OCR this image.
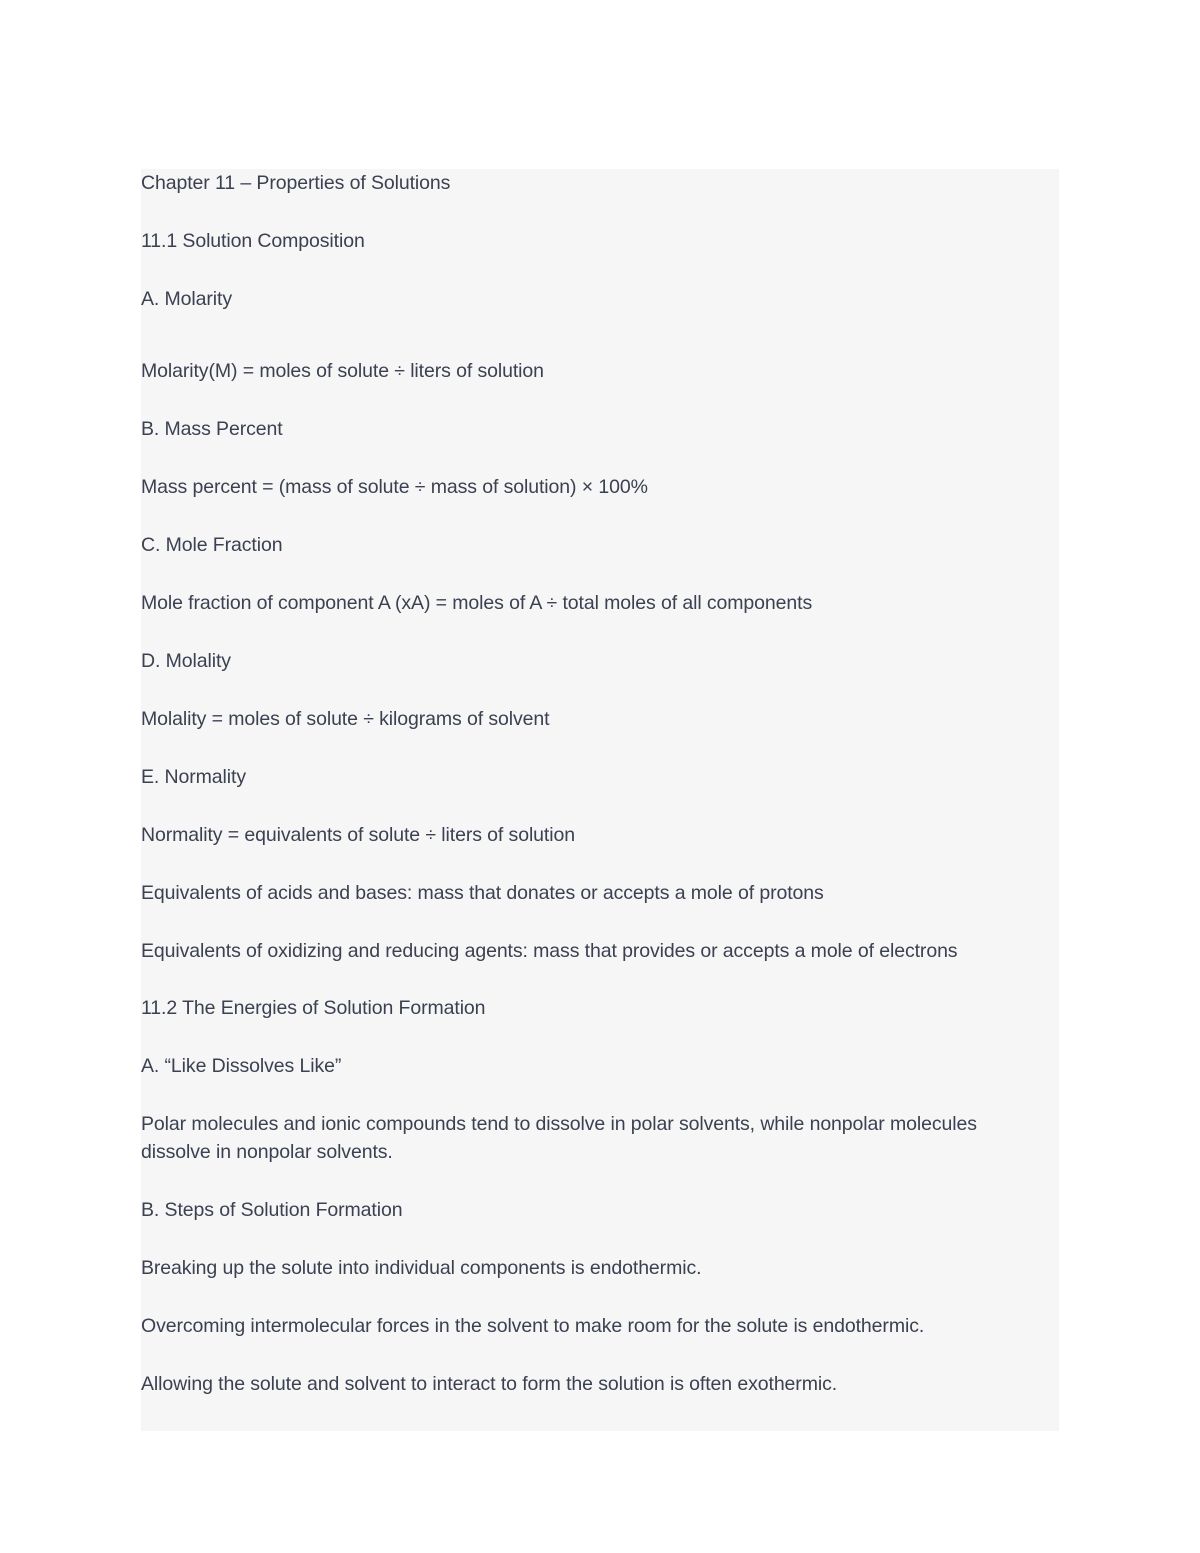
Chapter 11 – Properties of Solutions

11.1 Solution Composition

A. Molarity

Molarity(M) = moles of solute ÷ liters of solution

B. Mass Percent

Mass percent = (mass of solute ÷ mass of solution) × 100%

C. Mole Fraction

Mole fraction of component A (xA) = moles of A ÷ total moles of all components

D. Molality

Molality = moles of solute ÷ kilograms of solvent

E. Normality

Normality = equivalents of solute ÷ liters of solution

Equivalents of acids and bases: mass that donates or accepts a mole of protons

Equivalents of oxidizing and reducing agents: mass that provides or accepts a mole of electrons

11.2 The Energies of Solution Formation

A. “Like Dissolves Like”

Polar molecules and ionic compounds tend to dissolve in polar solvents, while nonpolar molecules dissolve in nonpolar solvents.

B. Steps of Solution Formation

Breaking up the solute into individual components is endothermic.

Overcoming intermolecular forces in the solvent to make room for the solute is endothermic.

Allowing the solute and solvent to interact to form the solution is often exothermic.
